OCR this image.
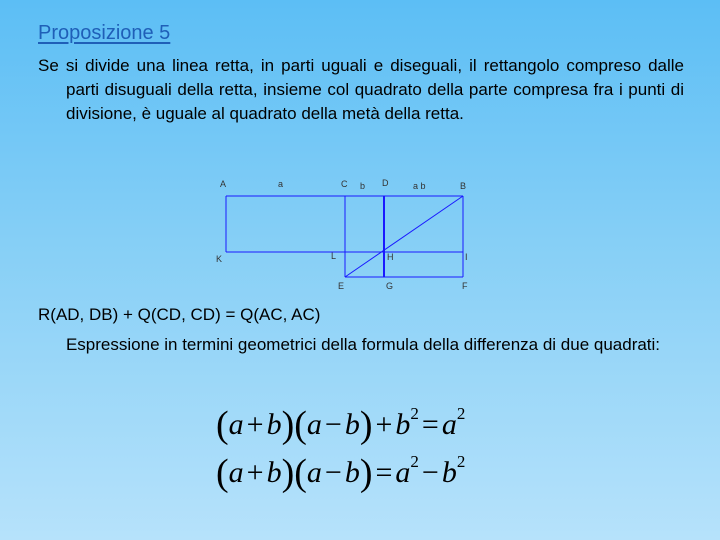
Proposizione 5
Se si divide una linea retta, in parti uguali e diseguali, il rettangolo compreso dalle parti disuguali della retta, insieme col quadrato della parte compresa fra i punti di divisione, è uguale al quadrato della metà della retta.
A	a	C b D	a b	B
K	L	H	I
E	G	F
R(AD, DB) + Q(CD, CD) = Q(AC, AC)
Espressione in termini geometrici della formula della differenza di due quadrati:
$(a + b)(a - b) + b^2 = a^2$
$(a + b)(a - b) = a^2 - b^2$
